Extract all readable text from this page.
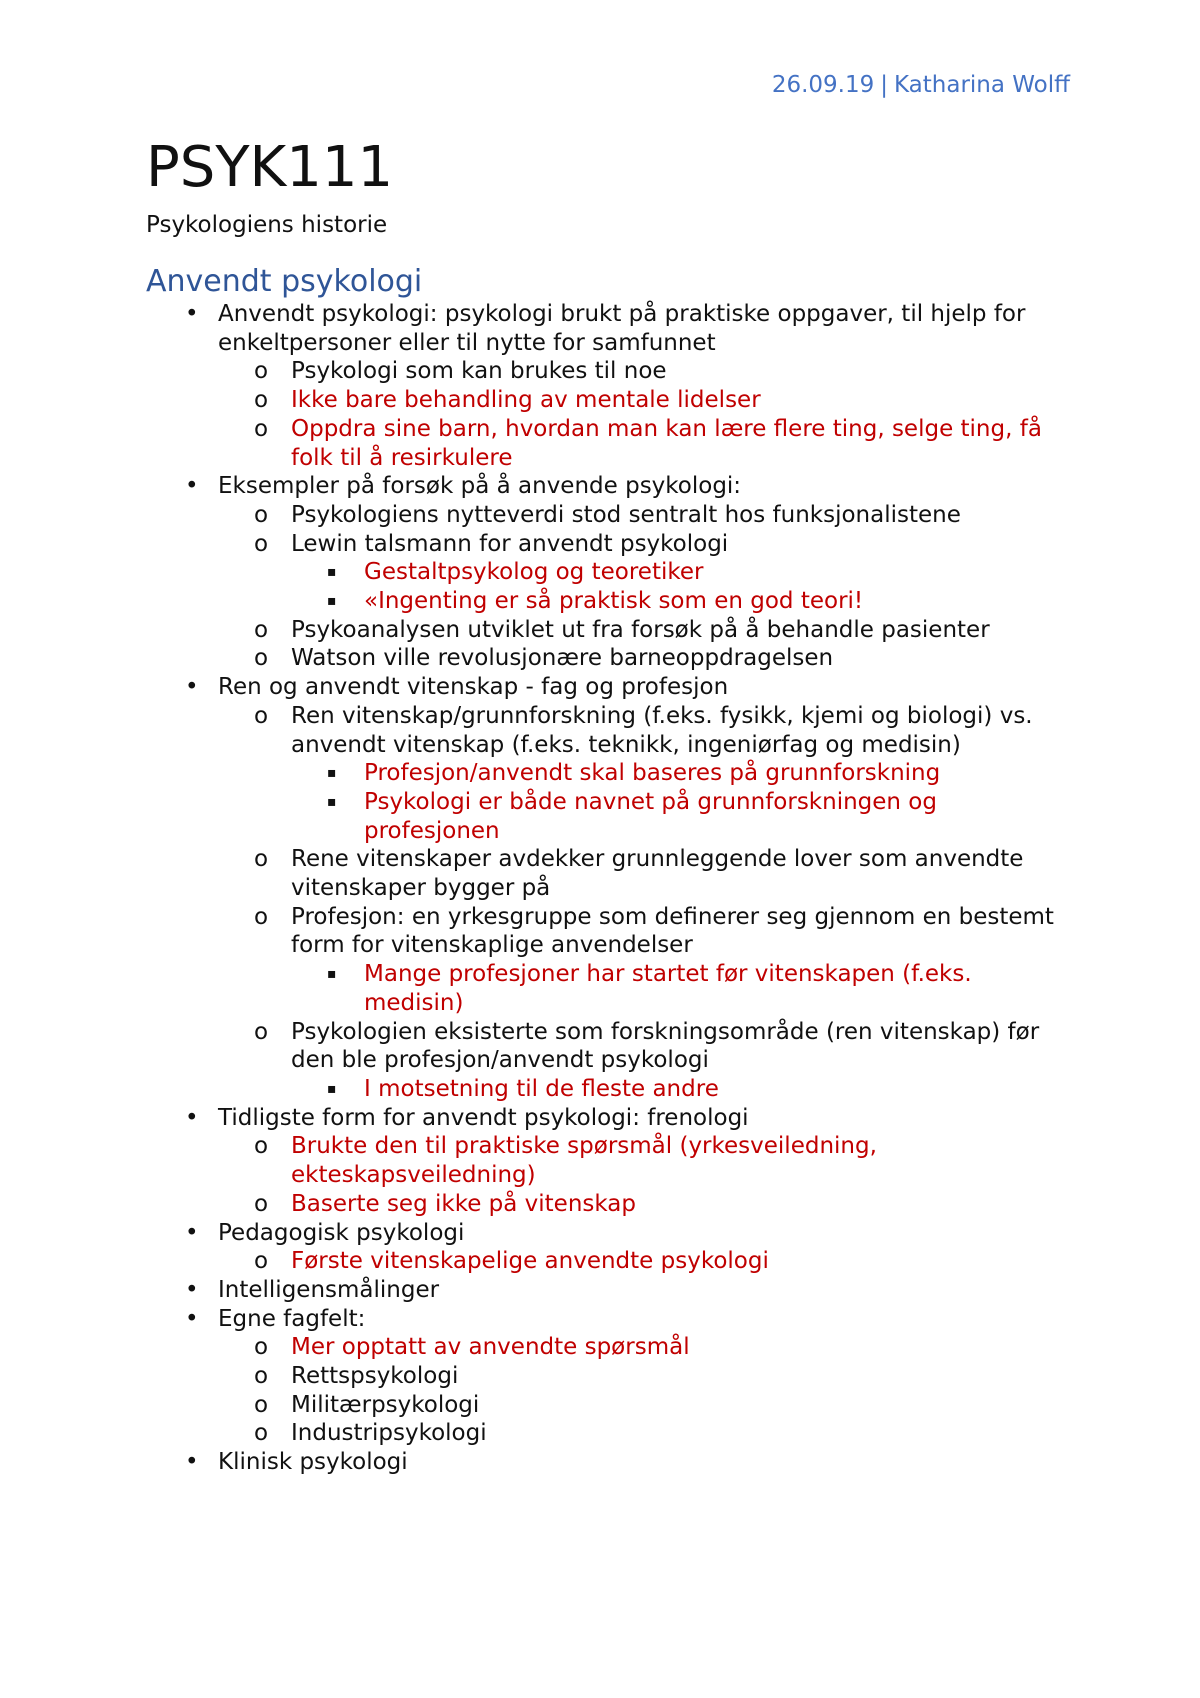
26.09.19 | Katharina Wolff
PSYK111
Psykologiens historie
Anvendt psykologi
• Anvendt psykologi: psykologi brukt på praktiske oppgaver, til hjelp for enkeltpersoner eller til nytte for samfunnet
o Psykologi som kan brukes til noe
o Ikke bare behandling av mentale lidelser
o Oppdra sine barn, hvordan man kan lære flere ting, selge ting, få folk til å resirkulere
• Eksempler på forsøk på å anvende psykologi:
o Psykologiens nytteverdi stod sentralt hos funksjonalistene
o Lewin talsmann for anvendt psykologi
▪ Gestaltpsykolog og teoretiker
▪ «Ingenting er så praktisk som en god teori!
o Psykoanalysen utviklet ut fra forsøk på å behandle pasienter
o Watson ville revolusjonære barneoppdragelsen
• Ren og anvendt vitenskap - fag og profesjon
o Ren vitenskap/grunnforskning (f.eks. fysikk, kjemi og biologi) vs. anvendt vitenskap (f.eks. teknikk, ingeniørfag og medisin)
▪ Profesjon/anvendt skal baseres på grunnforskning
▪ Psykologi er både navnet på grunnforskningen og profesjonen
o Rene vitenskaper avdekker grunnleggende lover som anvendte vitenskaper bygger på
o Profesjon: en yrkesgruppe som definerer seg gjennom en bestemt form for vitenskaplige anvendelser
▪ Mange profesjoner har startet før vitenskapen (f.eks. medisin)
o Psykologien eksisterte som forskningsområde (ren vitenskap) før den ble profesjon/anvendt psykologi
▪ I motsetning til de fleste andre
• Tidligste form for anvendt psykologi: frenologi
o Brukte den til praktiske spørsmål (yrkesveiledning, ekteskapsveiledning)
o Baserte seg ikke på vitenskap
• Pedagogisk psykologi
o Første vitenskapelige anvendte psykologi
• Intelligensmålinger
• Egne fagfelt:
o Mer opptatt av anvendte spørsmål
o Rettspsykologi
o Militærpsykologi
o Industripsykologi
• Klinisk psykologi
